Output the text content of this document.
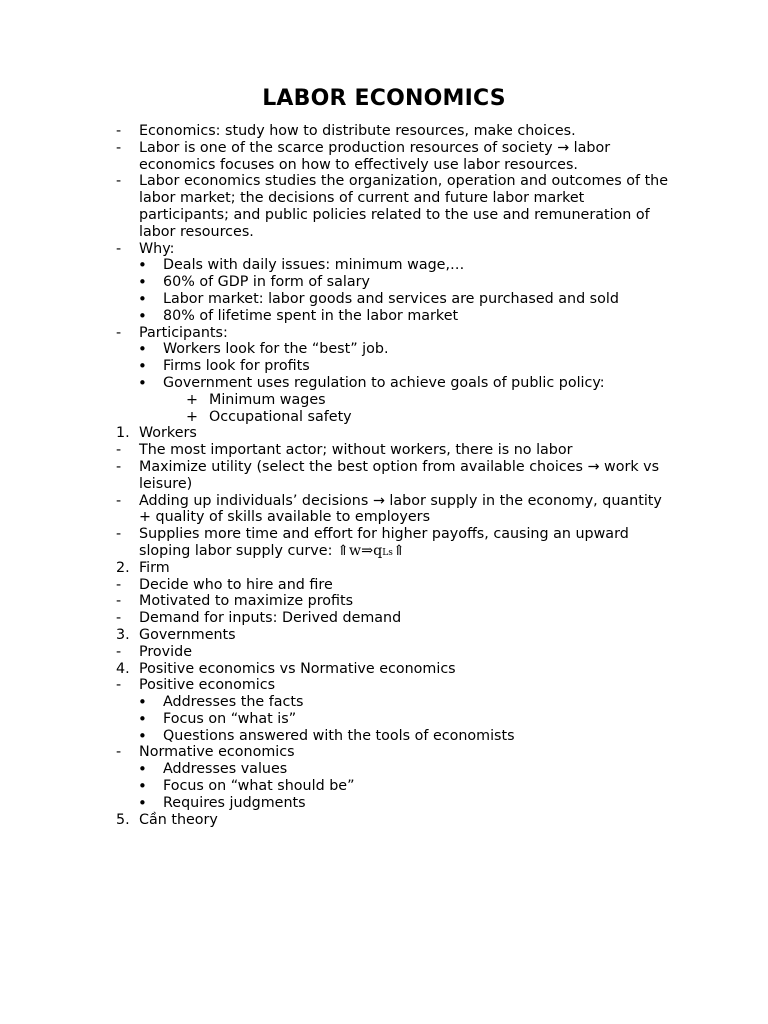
LABOR ECONOMICS
- Economics: study how to distribute resources, make choices.
- Labor is one of the scarce production resources of society → labor
economics focuses on how to effectively use labor resources.
- Labor economics studies the organization, operation and outcomes of the
labor market; the decisions of current and future labor market
participants; and public policies related to the use and remuneration of
labor resources.
- Why:
• Deals with daily issues: minimum wage,…
• 60% of GDP in form of salary
• Labor market: labor goods and services are purchased and sold
• 80% of lifetime spent in the labor market
- Participants:
• Workers look for the “best” job.
• Firms look for profits
• Government uses regulation to achieve goals of public policy:
+ Minimum wages
+ Occupational safety
1. Workers
- The most important actor; without workers, there is no labor
- Maximize utility (select the best option from available choices → work vs
leisure)
- Adding up individuals’ decisions → labor supply in the economy, quantity
+ quality of skills available to employers
- Supplies more time and effort for higher payoffs, causing an upward
sloping labor supply curve: ⇑w⇒qLs⇑
2. Firm
- Decide who to hire and fire
- Motivated to maximize profits
- Demand for inputs: Derived demand
3. Governments
- Provide
4. Positive economics vs Normative economics
- Positive economics
• Addresses the facts
• Focus on “what is”
• Questions answered with the tools of economists
- Normative economics
• Addresses values
• Focus on “what should be”
• Requires judgments
5. Cần theory
